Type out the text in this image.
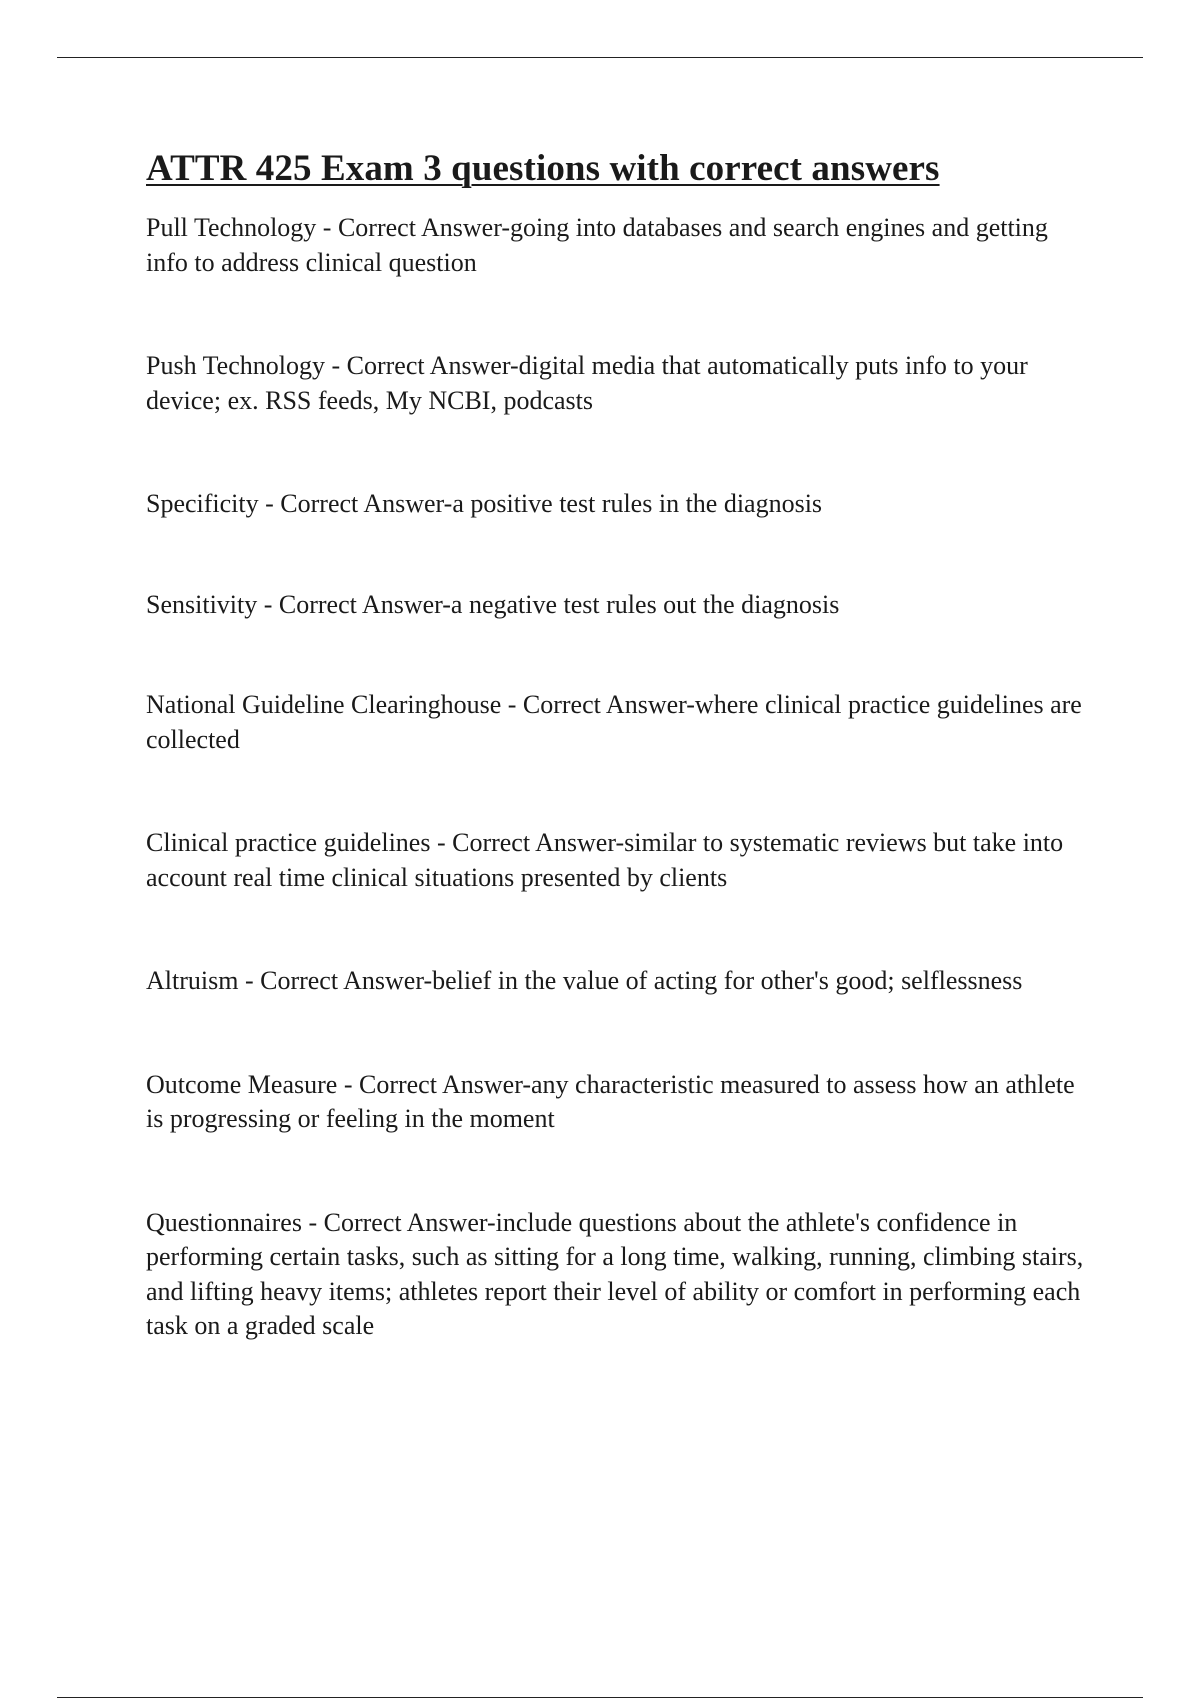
ATTR 425 Exam 3 questions with correct answers

Pull Technology - Correct Answer-going into databases and search engines and getting info to address clinical question

Push Technology - Correct Answer-digital media that automatically puts info to your device; ex. RSS feeds, My NCBI, podcasts

Specificity - Correct Answer-a positive test rules in the diagnosis

Sensitivity - Correct Answer-a negative test rules out the diagnosis

National Guideline Clearinghouse - Correct Answer-where clinical practice guidelines are collected

Clinical practice guidelines - Correct Answer-similar to systematic reviews but take into account real time clinical situations presented by clients

Altruism - Correct Answer-belief in the value of acting for other's good; selflessness

Outcome Measure - Correct Answer-any characteristic measured to assess how an athlete is progressing or feeling in the moment

Questionnaires - Correct Answer-include questions about the athlete's confidence in performing certain tasks, such as sitting for a long time, walking, running, climbing stairs, and lifting heavy items; athletes report their level of ability or comfort in performing each task on a graded scale
